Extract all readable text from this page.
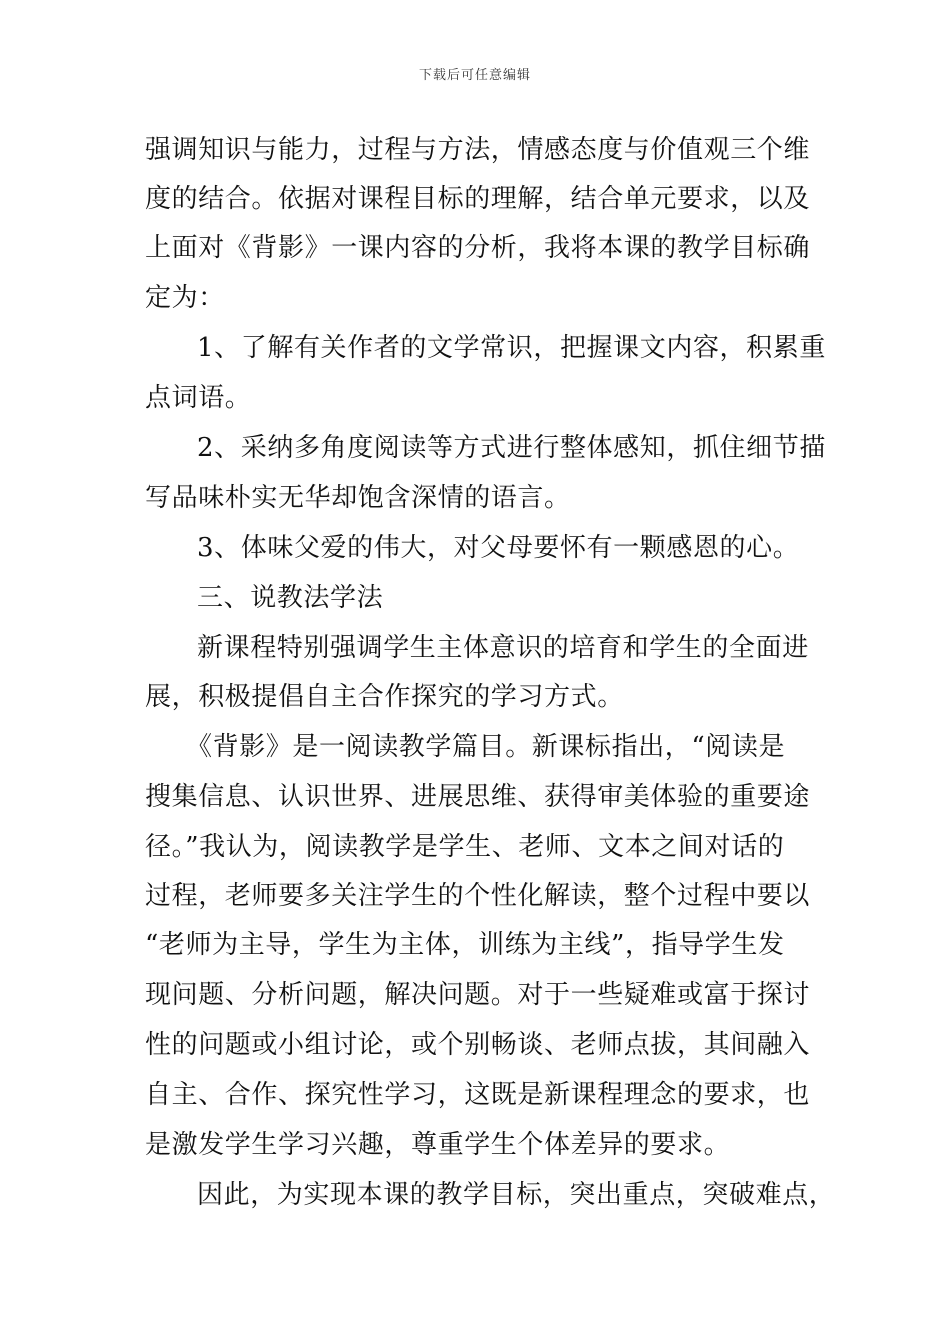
下载后可任意编辑
强调知识与能力，过程与方法，情感态度与价值观三个维
度的结合。依据对课程目标的理解，结合单元要求，以及
上面对《背影》一课内容的分析，我将本课的教学目标确
定为：
1、了解有关作者的文学常识，把握课文内容，积累重
点词语。
2、采纳多角度阅读等方式进行整体感知，抓住细节描
写品味朴实无华却饱含深情的语言。
3、体味父爱的伟大，对父母要怀有一颗感恩的心。
三、说教法学法
新课程特别强调学生主体意识的培育和学生的全面进
展，积极提倡自主合作探究的学习方式。
《背影》是一阅读教学篇目。新课标指出，“阅读是
搜集信息、认识世界、进展思维、获得审美体验的重要途
径。”我认为，阅读教学是学生、老师、文本之间对话的
过程，老师要多关注学生的个性化解读，整个过程中要以
“老师为主导，学生为主体，训练为主线”，指导学生发
现问题、分析问题，解决问题。对于一些疑难或富于探讨
性的问题或小组讨论，或个别畅谈、老师点拔，其间融入
自主、合作、探究性学习，这既是新课程理念的要求，也
是激发学生学习兴趣，尊重学生个体差异的要求。
因此，为实现本课的教学目标，突出重点，突破难点，
